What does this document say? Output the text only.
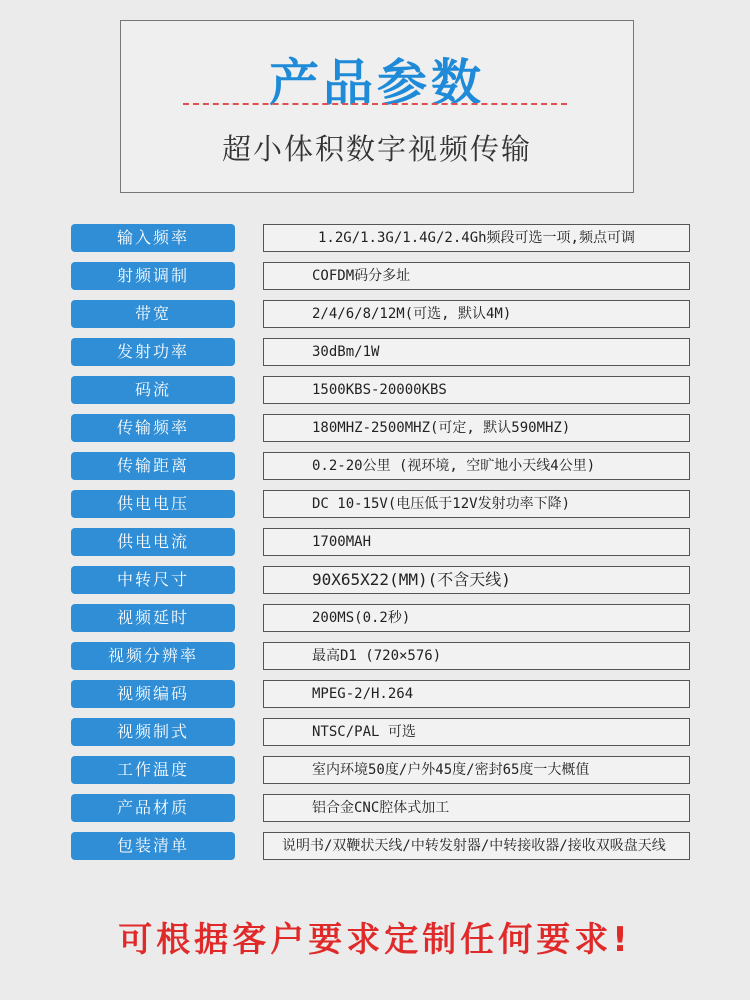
产品参数
超小体积数字视频传输
输入频率	1.2G/1.3G/1.4G/2.4Gh频段可选一项,频点可调
射频调制	COFDM码分多址
带宽	2/4/6/8/12M(可选, 默认4M)
发射功率	30dBm/1W
码流	1500KBS-20000KBS
传输频率	180MHZ-2500MHZ(可定, 默认590MHZ)
传输距离	0.2-20公里 (视环境, 空旷地小天线4公里)
供电电压	DC 10-15V(电压低于12V发射功率下降)
供电电流	1700MAH
中转尺寸	90X65X22(MM)(不含天线)
视频延时	200MS(0.2秒)
视频分辨率	最高D1 (720×576)
视频编码	MPEG-2/H.264
视频制式	NTSC/PAL 可选
工作温度	室内环境50度/户外45度/密封65度一大概值
产品材质	铝合金CNC腔体式加工
包装清单	说明书/双鞭状天线/中转发射器/中转接收器/接收双吸盘天线
可根据客户要求定制任何要求!
